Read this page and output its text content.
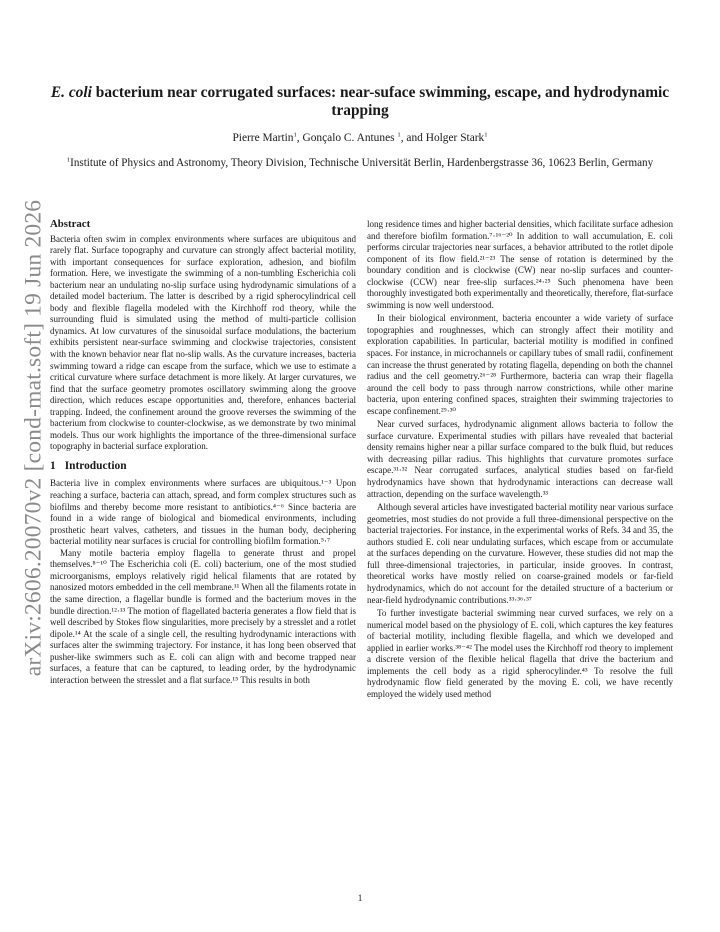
arXiv:2606.20070v2 [cond-mat.soft] 19 Jun 2026
E. coli bacterium near corrugated surfaces: near-suface swimming, escape, and hydrodynamic trapping
Pierre Martin$^1$, Gonçalo C. Antunes $^1$, and Holger Stark$^1$
$^1$Institute of Physics and Astronomy, Theory Division, Technische Universität Berlin, Hardenbergstrasse 36, 10623 Berlin, Germany
Abstract

Bacteria often swim in complex environments where surfaces are ubiquitous and rarely flat. Surface topography and curvature can strongly affect bacterial motility, with important consequences for surface exploration, adhesion, and biofilm formation. Here, we investigate the swimming of a non-tumbling Escherichia coli bacterium near an undulating no-slip surface using hydrodynamic simulations of a detailed model bacterium. The latter is described by a rigid spherocylindrical cell body and flexible flagella modeled with the Kirchhoff rod theory, while the surrounding fluid is simulated using the method of multi-particle collision dynamics. At low curvatures of the sinusoidal surface modulations, the bacterium exhibits persistent near-surface swimming and clockwise trajectories, consistent with the known behavior near flat no-slip walls. As the curvature increases, bacteria swimming toward a ridge can escape from the surface, which we use to estimate a critical curvature where surface detachment is more likely. At larger curvatures, we find that the surface geometry promotes oscillatory swimming along the groove direction, which reduces escape opportunities and, therefore, enhances bacterial trapping. Indeed, the confinement around the groove reverses the swimming of the bacterium from clockwise to counter-clockwise, as we demonstrate by two minimal models. Thus our work highlights the importance of the three-dimensional surface topography in bacterial surface exploration.

1 Introduction

Bacteria live in complex environments where surfaces are ubiquitous.¹⁻³ Upon reaching a surface, bacteria can attach, spread, and form complex structures such as biofilms and thereby become more resistant to antibiotics.⁴⁻⁶ Since bacteria are found in a wide range of biological and biomedical environments, including prosthetic heart valves, catheters, and tissues in the human body, deciphering bacterial motility near surfaces is crucial for controlling biofilm formation.⁵·⁷

Many motile bacteria employ flagella to generate thrust and propel themselves.⁸⁻¹⁰ The Escherichia coli (E. coli) bacterium, one of the most studied microorganisms, employs relatively rigid helical filaments that are rotated by nanosized motors embedded in the cell membrane.¹¹ When all the filaments rotate in the same direction, a flagellar bundle is formed and the bacterium moves in the bundle direction.¹²·¹³ The motion of flagellated bacteria generates a flow field that is well described by Stokes flow singularities, more precisely by a stresslet and a rotlet dipole.¹⁴ At the scale of a single cell, the resulting hydrodynamic interactions with surfaces alter the swimming trajectory. For instance, it has long been observed that pusher-like swimmers such as E. coli can align with and become trapped near surfaces, a feature that can be captured, to leading order, by the hydrodynamic interaction between the stresslet and a flat surface.¹⁵ This results in both

long residence times and higher bacterial densities, which facilitate surface adhesion and therefore biofilm formation.⁷·¹⁶⁻²⁰ In addition to wall accumulation, E. coli performs circular trajectories near surfaces, a behavior attributed to the rotlet dipole component of its flow field.²¹⁻²³ The sense of rotation is determined by the boundary condition and is clockwise (CW) near no-slip surfaces and counter-clockwise (CCW) near free-slip surfaces.²⁴·²⁵ Such phenomena have been thoroughly investigated both experimentally and theoretically, therefore, flat-surface swimming is now well understood.

In their biological environment, bacteria encounter a wide variety of surface topographies and roughnesses, which can strongly affect their motility and exploration capabilities. In particular, bacterial motility is modified in confined spaces. For instance, in microchannels or capillary tubes of small radii, confinement can increase the thrust generated by rotating flagella, depending on both the channel radius and the cell geometry.²⁶⁻²⁸ Furthermore, bacteria can wrap their flagella around the cell body to pass through narrow constrictions, while other marine bacteria, upon entering confined spaces, straighten their swimming trajectories to escape confinement.²⁹·³⁰

Near curved surfaces, hydrodynamic alignment allows bacteria to follow the surface curvature. Experimental studies with pillars have revealed that bacterial density remains higher near a pillar surface compared to the bulk fluid, but reduces with decreasing pillar radius. This highlights that curvature promotes surface escape.³¹·³² Near corrugated surfaces, analytical studies based on far-field hydrodynamics have shown that hydrodynamic interactions can decrease wall attraction, depending on the surface wavelength.³³

Although several articles have investigated bacterial motility near various surface geometries, most studies do not provide a full three-dimensional perspective on the bacterial trajectories. For instance, in the experimental works of Refs. 34 and 35, the authors studied E. coli near undulating surfaces, which escape from or accumulate at the surfaces depending on the curvature. However, these studies did not map the full three-dimensional trajectories, in particular, inside grooves. In contrast, theoretical works have mostly relied on coarse-grained models or far-field hydrodynamics, which do not account for the detailed structure of a bacterium or near-field hydrodynamic contributions.³³·³⁶·³⁷

To further investigate bacterial swimming near curved surfaces, we rely on a numerical model based on the physiology of E. coli, which captures the key features of bacterial motility, including flexible flagella, and which we developed and applied in earlier works.³⁸⁻⁴² The model uses the Kirchhoff rod theory to implement a discrete version of the flexible helical flagella that drive the bacterium and implements the cell body as a rigid spherocylinder.⁴³ To resolve the full hydrodynamic flow field generated by the moving E. coli, we have recently employed the widely used method

1
